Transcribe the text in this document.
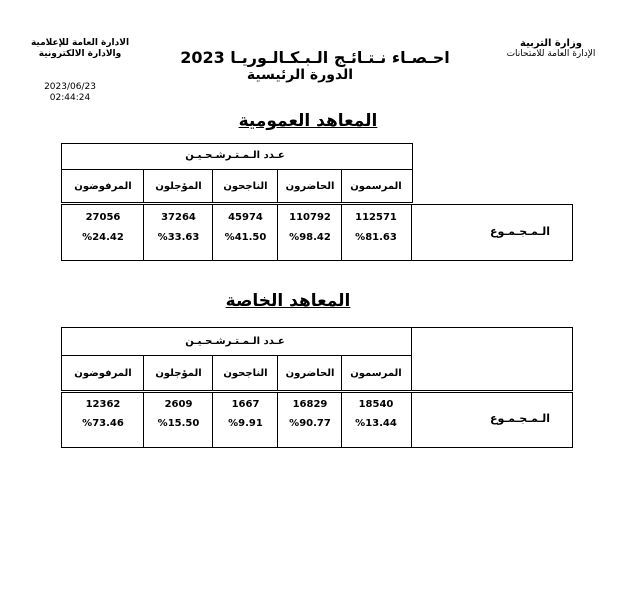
وزارة التربية
الإدارة العامة للامتحانات
الادارة العامة للإعلامية
والادارة الالكترونية
2023/06/23
02:44:24
احـصـاء نـتـائـج الـبـكـالـوريـا 2023
الدورة الرئيسية
المعاهد العمومية
عـدد الـمـتـرشـحـيـن
المرسمون
الحاضرون
الناجحون
المؤجلون
المرفوضون
الـمـجـمـوع
112571
110792
45974
37264
27056
%81.63
%98.42
%41.50
%33.63
%24.42
المعاهد الخاصة
عـدد الـمـتـرشـحـيـن
المرسمون
الحاضرون
الناجحون
المؤجلون
المرفوضون
الـمـجـمـوع
18540
16829
1667
2609
12362
%13.44
%90.77
%9.91
%15.50
%73.46
